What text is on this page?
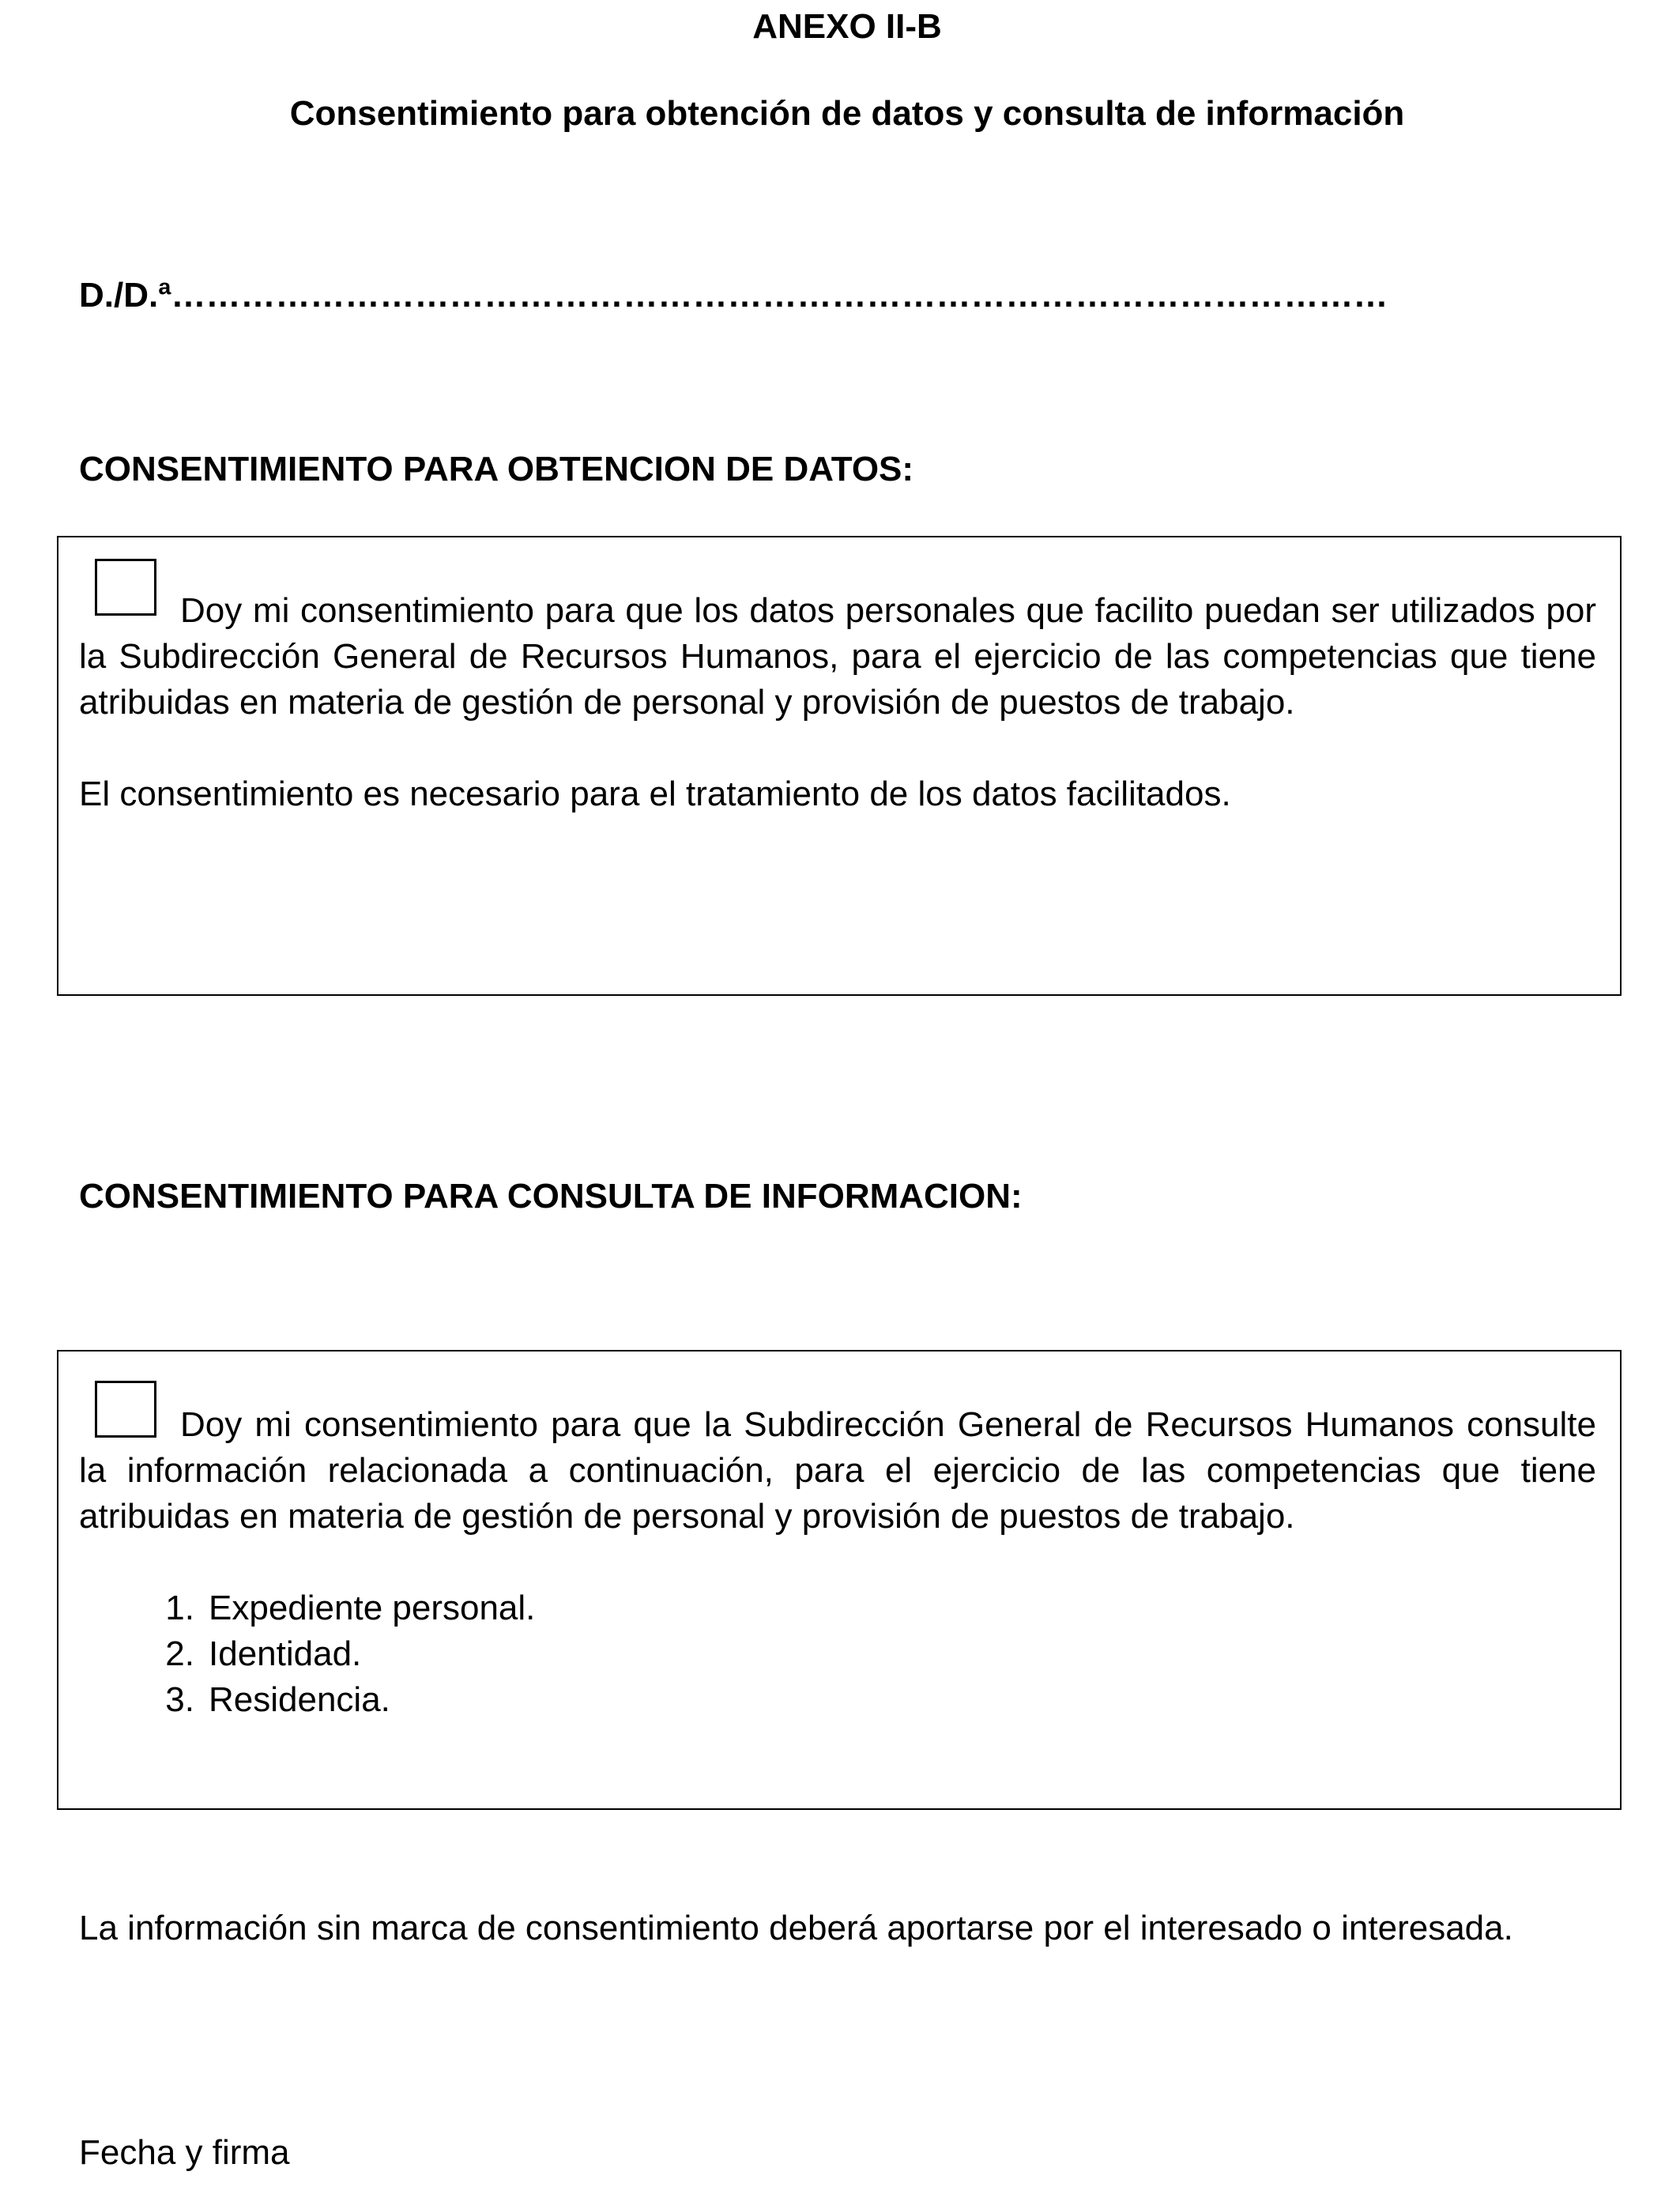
ANEXO II-B
Consentimiento para obtención de datos y consulta de información
D./D.ª……………………………………………………………………………………………
CONSENTIMIENTO PARA OBTENCION DE DATOS:

Doy mi consentimiento para que los datos personales que facilito puedan ser utilizados por la Subdirección General de Recursos Humanos, para el ejercicio de las competencias que tiene atribuidas en materia de gestión de personal y provisión de puestos de trabajo.

El consentimiento es necesario para el tratamiento de los datos facilitados.

CONSENTIMIENTO PARA CONSULTA DE INFORMACION:

Doy mi consentimiento para que la Subdirección General de Recursos Humanos consulte la información relacionada a continuación, para el ejercicio de las competencias que tiene atribuidas en materia de gestión de personal y provisión de puestos de trabajo.

1. Expediente personal.
2. Identidad.
3. Residencia.

La información sin marca de consentimiento deberá aportarse por el interesado o interesada.

Fecha y firma
